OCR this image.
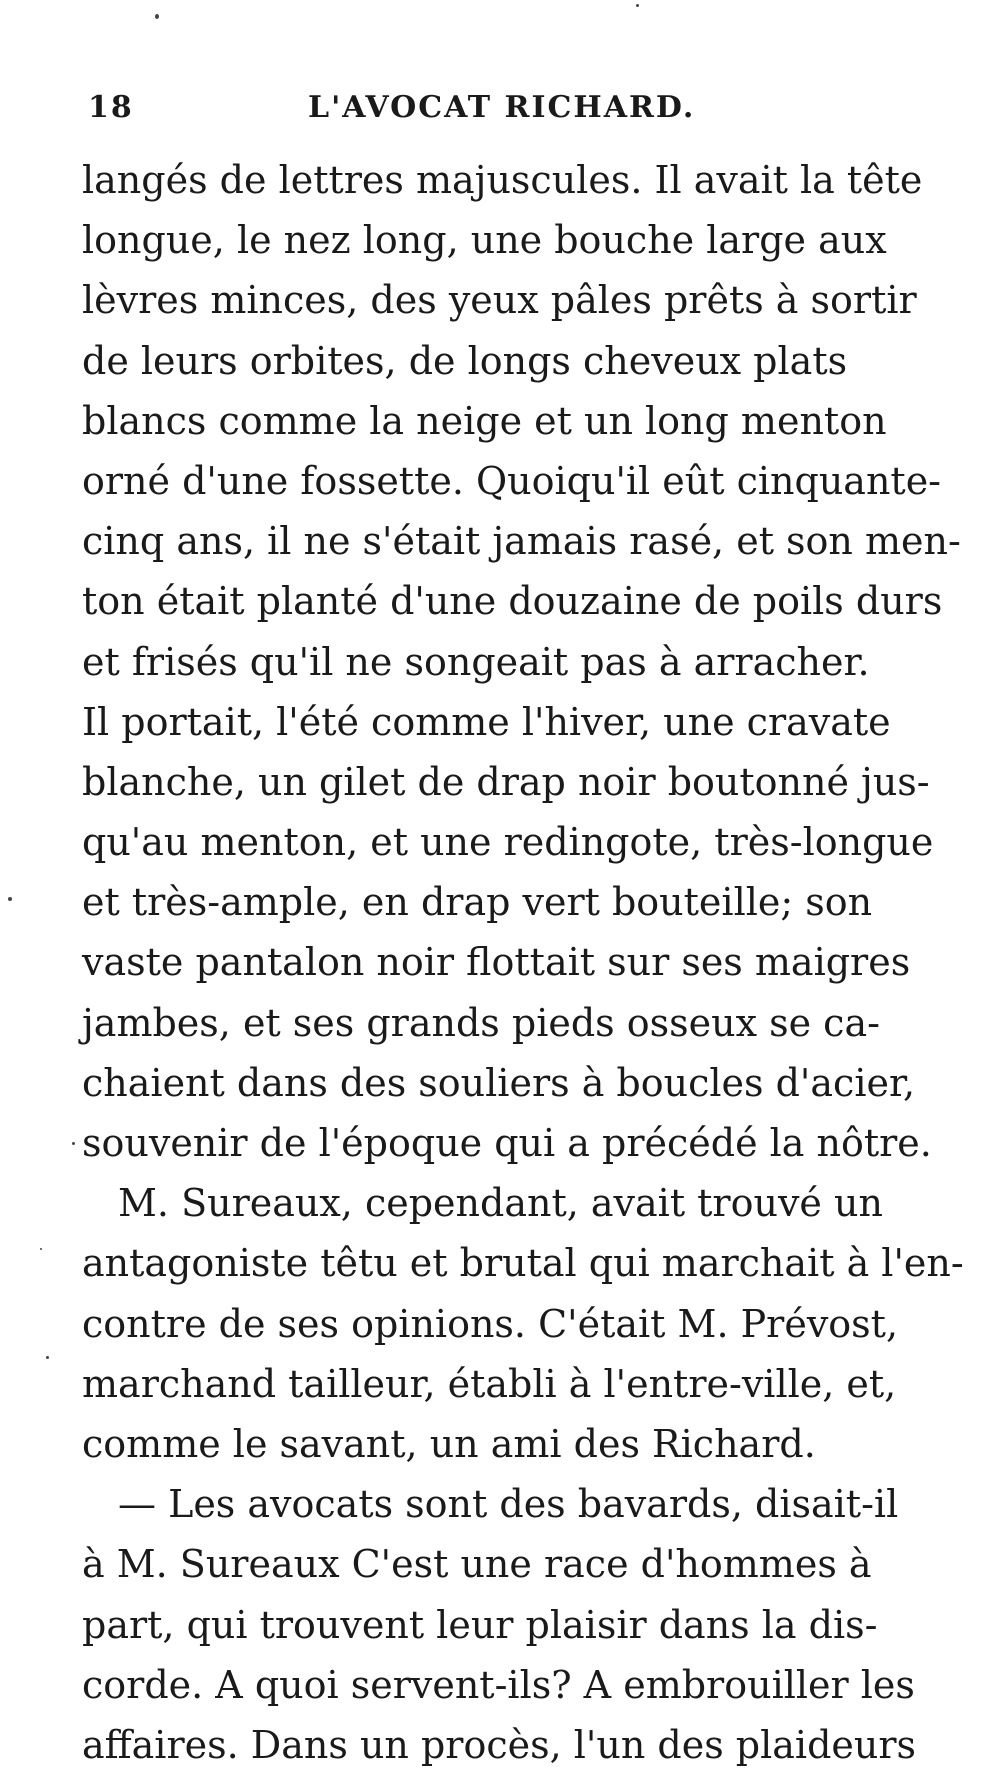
18	L'AVOCAT RICHARD.
langés de lettres majuscules. Il avait la tête
longue, le nez long, une bouche large aux
lèvres minces, des yeux pâles prêts à sortir
de leurs orbites, de longs cheveux plats
blancs comme la neige et un long menton
orné d'une fossette. Quoiqu'il eût cinquante-
cinq ans, il ne s'était jamais rasé, et son men-
ton était planté d'une douzaine de poils durs
et frisés qu'il ne songeait pas à arracher.
Il portait, l'été comme l'hiver, une cravate
blanche, un gilet de drap noir boutonné jus-
qu'au menton, et une redingote, très-longue
et très-ample, en drap vert bouteille; son
vaste pantalon noir flottait sur ses maigres
jambes, et ses grands pieds osseux se ca-
chaient dans des souliers à boucles d'acier,
souvenir de l'époque qui a précédé la nôtre.
M. Sureaux, cependant, avait trouvé un
antagoniste têtu et brutal qui marchait à l'en-
contre de ses opinions. C'était M. Prévost,
marchand tailleur, établi à l'entre-ville, et,
comme le savant, un ami des Richard.
— Les avocats sont des bavards, disait-il
à M. Sureaux C'est une race d'hommes à
part, qui trouvent leur plaisir dans la dis-
corde. A quoi servent-ils? A embrouiller les
affaires. Dans un procès, l'un des plaideurs
